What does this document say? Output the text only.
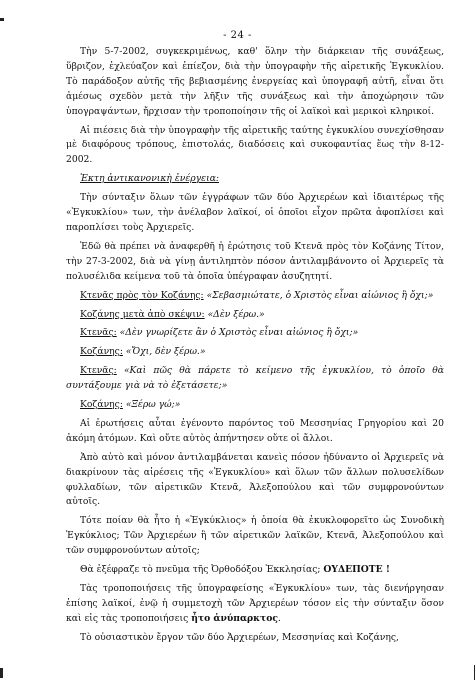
- 24 -

Τὴν 5-7-2002, συγκεκριμένως, καθ' ὅλην τὴν διάρκειαν τῆς συνάξεως, ὕβριζον, ἐχλεύαζον καὶ ἐπίεζον, διὰ τὴν ὑπογραφὴν τῆς αἱρετικῆς Ἐγκυκλίου. Τὸ παράδοξον αὐτῆς τῆς βεβιασμένης ἐνεργείας καὶ ὑπογραφῆ αὐτῆ, εἶναι ὅτι ἀμέσως σχεδὸν μετὰ τὴν λῆξιν τῆς συνάξεως καὶ τὴν ἀποχώρησιν τῶν ὑπογραψάντων, ἤρχισαν τὴν τροποποίησιν τῆς οἱ λαϊκοὶ καὶ μερικοὶ κληρικοί.

Αἱ πιέσεις διὰ τὴν ὑπογραφὴν τῆς αἱρετικῆς ταύτης ἐγκυκλίου συνεχίσθησαν μὲ διαφόρους τρόπους, ἐπιστολάς, διαδόσεις καὶ συκοφαντίας ἕως τὴν 8-12-2002.

Ἐκτη ἀντικανονικὴ ἐνέργεια:

Τὴν σύνταξιν ὅλων τῶν ἐγγράφων τῶν δύο Ἀρχιερέων καὶ ἰδιαιτέρως τῆς «Ἐγκυκλίου» των, τὴν ἀνέλαβον λαϊκοί, οἱ ὁποῖοι εἶχον πρῶτα ἀφοπλίσει καὶ παροπλίσει τοὺς Ἀρχιερεῖς.

Ἐδῶ θὰ πρέπει νὰ ἀναφερθῆ ἡ ἐρώτησις τοῦ Κτενᾶ πρὸς τὸν Κοζάνης Τίτον, τὴν 27-3-2002, διὰ νὰ γίνῃ ἀντιληπτὸν πόσον ἀντιλαμβάνοντο οἱ Ἀρχιερεῖς τὰ πολυσέλιδα κείμενα τοῦ τὰ ὁποῖα ὑπέγραφαν ἀσυζητητί.

Κτενᾶς πρὸς τὸν Κοζάνης: «Σεβασμιώτατε, ὁ Χριστὸς εἶναι αἰώνιος ἢ ὄχι;»

Κοζάνης μετὰ ἀπὸ σκέψιν: «Δὲν ξέρω.»

Κτενᾶς: «Δὲν γνωρίζετε ἂν ὁ Χριστὸς εἶναι αἰώνιος ἢ ὄχι;»

Κοζάνης: «Ὄχι, δὲν ξέρω.»

Κτενᾶς: «Καὶ πῶς θὰ πάρετε τὸ κείμενο τῆς ἐγκυκλίου, τὸ ὁποῖο θὰ συντάξουμε γιὰ νὰ τὸ ἐξετάσετε;»

Κοζάνης: «Ξέρω γώ;»

Αἱ ἐρωτήσεις αὗται ἐγένοντο παρόντος τοῦ Μεσσηνίας Γρηγορίου καὶ 20 ἀκόμη ἀτόμων. Καὶ οὔτε αὐτὸς ἀπήντησεν οὔτε οἱ ἄλλοι.

Ἀπὸ αὐτὸ καὶ μόνον ἀντιλαμβάνεται κανεὶς πόσον ἠδύναντο οἱ Ἀρχιερεῖς νὰ διακρίνουν τὰς αἱρέσεις τῆς «Ἐγκυκλίου» καὶ ὅλων τῶν ἄλλων πολυσελίδων φυλλαδίων, τῶν αἱρετικῶν Κτενᾶ, Ἀλεξοπούλου καὶ τῶν συμφρονούντων αὐτοῖς.

Τότε ποίαν θὰ ἦτο ἡ «Ἐγκύκλιος» ἡ ὁποία θὰ ἐκυκλοφορεῖτο ὡς Συνοδικὴ Ἐγκύκλιος; Τῶν Ἀρχιερέων ἢ τῶν αἱρετικῶν λαϊκῶν, Κτενᾶ, Ἀλεξοπούλου καὶ τῶν συμφρονούντων αὐτοῖς;

Θὰ ἐξέφραζε τὸ πνεῦμα τῆς Ὀρθοδόξου Ἐκκλησίας; ΟΥΔΕΠΟΤΕ !

Τὰς τροποποιήσεις τῆς ὑπογραφείσης «Ἐγκυκλίου» των, τὰς διενήργησαν ἐπίσης λαϊκοί, ἐνῷ ἡ συμμετοχὴ τῶν Ἀρχιερέων τόσον εἰς τὴν σύνταξιν ὅσον καὶ εἰς τὰς τροποποιήσεις ἦτο ἀνύπαρκτος.

Τὸ οὐσιαστικὸν ἔργον τῶν δύο Ἀρχιερέων, Μεσσηνίας καὶ Κοζάνης,
